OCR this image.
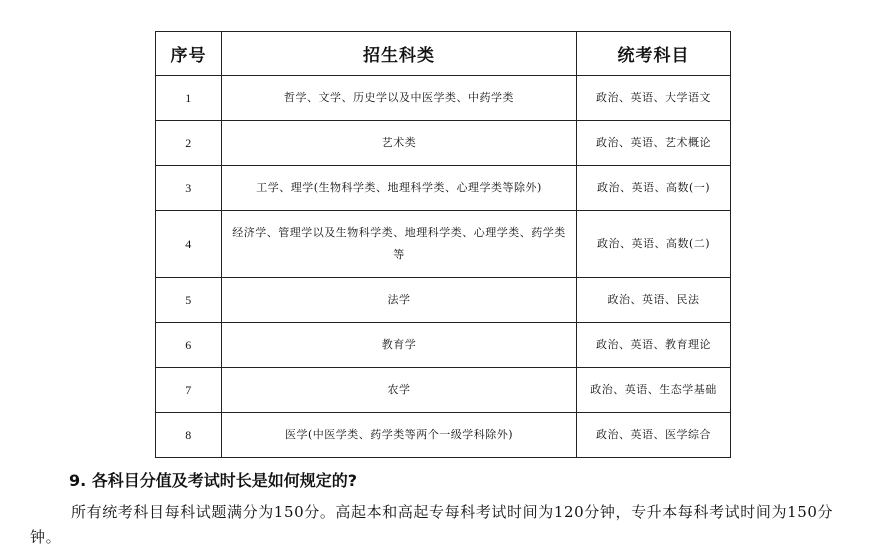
序号	招生科类	统考科目
1	哲学、文学、历史学以及中医学类、中药学类	政治、英语、大学语文
2	艺术类	政治、英语、艺术概论
3	工学、理学(生物科学类、地理科学类、心理学类等除外)	政治、英语、高数(一)
4	经济学、管理学以及生物科学类、地理科学类、心理学类、药学类等	政治、英语、高数(二)
5	法学	政治、英语、民法
6	教育学	政治、英语、教育理论
7	农学	政治、英语、生态学基础
8	医学(中医学类、药学类等两个一级学科除外)	政治、英语、医学综合
9. 各科目分值及考试时长是如何规定的?
所有统考科目每科试题满分为150分。高起本和高起专每科考试时间为120分钟，专升本每科考试时间为150分钟。
